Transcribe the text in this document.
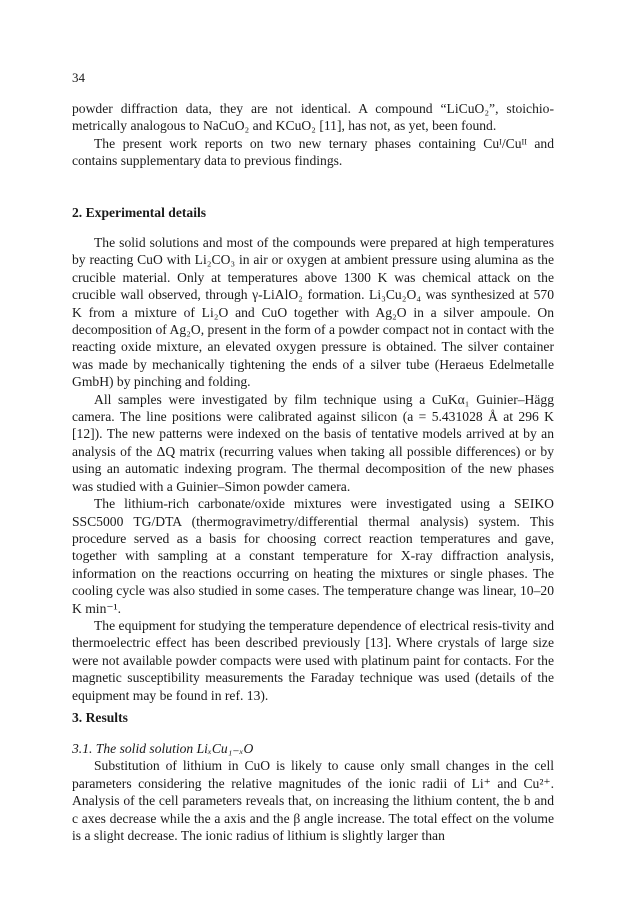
34

powder diffraction data, they are not identical. A compound “LiCuO₂”, stoichio-metrically analogous to NaCuO₂ and KCuO₂ [11], has not, as yet, been found.

The present work reports on two new ternary phases containing Cuᴵ/Cuᴵᴵ and contains supplementary data to previous findings.

2. Experimental details

The solid solutions and most of the compounds were prepared at high temperatures by reacting CuO with Li₂CO₃ in air or oxygen at ambient pressure using alumina as the crucible material. Only at temperatures above 1300 K was chemical attack on the crucible wall observed, through γ-LiAlO₂ formation. Li₃Cu₂O₄ was synthesized at 570 K from a mixture of Li₂O and CuO together with Ag₂O in a silver ampoule. On decomposition of Ag₂O, present in the form of a powder compact not in contact with the reacting oxide mixture, an elevated oxygen pressure is obtained. The silver container was made by mechanically tightening the ends of a silver tube (Heraeus Edelmetalle GmbH) by pinching and folding.

All samples were investigated by film technique using a CuKα₁ Guinier–Hägg camera. The line positions were calibrated against silicon (a = 5.431028 Å at 296 K [12]). The new patterns were indexed on the basis of tentative models arrived at by an analysis of the ΔQ matrix (recurring values when taking all possible differences) or by using an automatic indexing program. The thermal decomposition of the new phases was studied with a Guinier–Simon powder camera.

The lithium-rich carbonate/oxide mixtures were investigated using a SEIKO SSC5000 TG/DTA (thermogravimetry/differential thermal analysis) system. This procedure served as a basis for choosing correct reaction temperatures and gave, together with sampling at a constant temperature for X-ray diffraction analysis, information on the reactions occurring on heating the mixtures or single phases. The cooling cycle was also studied in some cases. The temperature change was linear, 10–20 K min⁻¹.

The equipment for studying the temperature dependence of electrical resis-tivity and thermoelectric effect has been described previously [13]. Where crystals of large size were not available powder compacts were used with platinum paint for contacts. For the magnetic susceptibility measurements the Faraday technique was used (details of the equipment may be found in ref. 13).

3. Results

3.1. The solid solution LiₓCu₁₋ₓO

Substitution of lithium in CuO is likely to cause only small changes in the cell parameters considering the relative magnitudes of the ionic radii of Li⁺ and Cu²⁺. Analysis of the cell parameters reveals that, on increasing the lithium content, the b and c axes decrease while the a axis and the β angle increase. The total effect on the volume is a slight decrease. The ionic radius of lithium is slightly larger than
